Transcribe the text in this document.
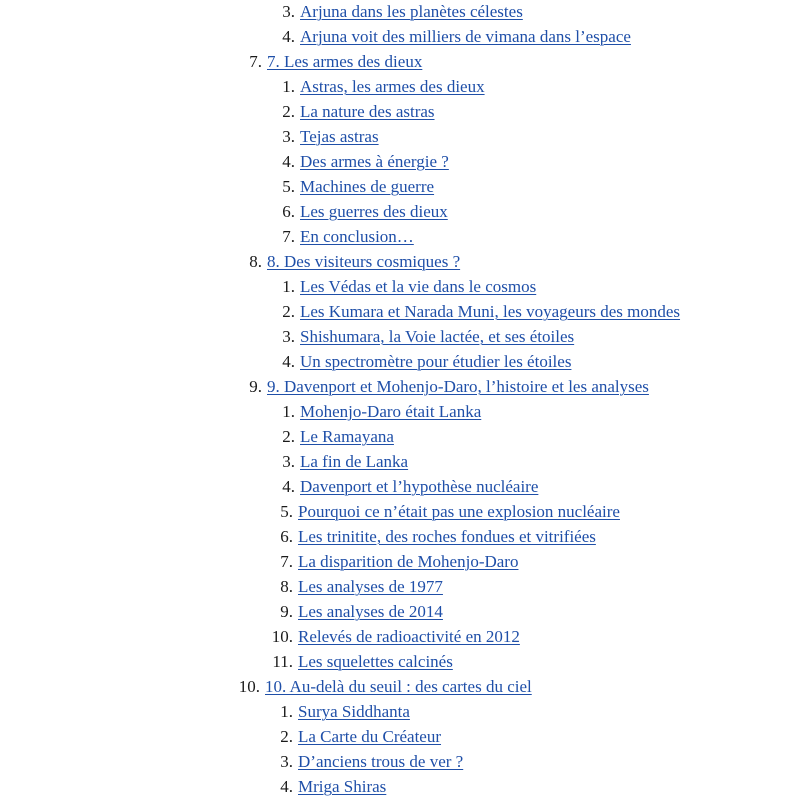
3. Arjuna dans les planètes célestes
4. Arjuna voit des milliers de vimana dans l’espace
7. 7. Les armes des dieux
1. Astras, les armes des dieux
2. La nature des astras
3. Tejas astras
4. Des armes à énergie ?
5. Machines de guerre
6. Les guerres des dieux
7. En conclusion…
8. 8. Des visiteurs cosmiques ?
1. Les Védas et la vie dans le cosmos
2. Les Kumara et Narada Muni, les voyageurs des mondes
3. Shishumara, la Voie lactée, et ses étoiles
4. Un spectromètre pour étudier les étoiles
9. 9. Davenport et Mohenjo-Daro, l’histoire et les analyses
1. Mohenjo-Daro était Lanka
2. Le Ramayana
3. La fin de Lanka
4. Davenport et l’hypothèse nucléaire
5. Pourquoi ce n’était pas une explosion nucléaire
6. Les trinitite, des roches fondues et vitrifiées
7. La disparition de Mohenjo-Daro
8. Les analyses de 1977
9. Les analyses de 2014
10. Relevés de radioactivité en 2012
11. Les squelettes calcinés
10. 10. Au-delà du seuil : des cartes du ciel
1. Surya Siddhanta
2. La Carte du Créateur
3. D’anciens trous de ver ?
4. Mriga Shiras
